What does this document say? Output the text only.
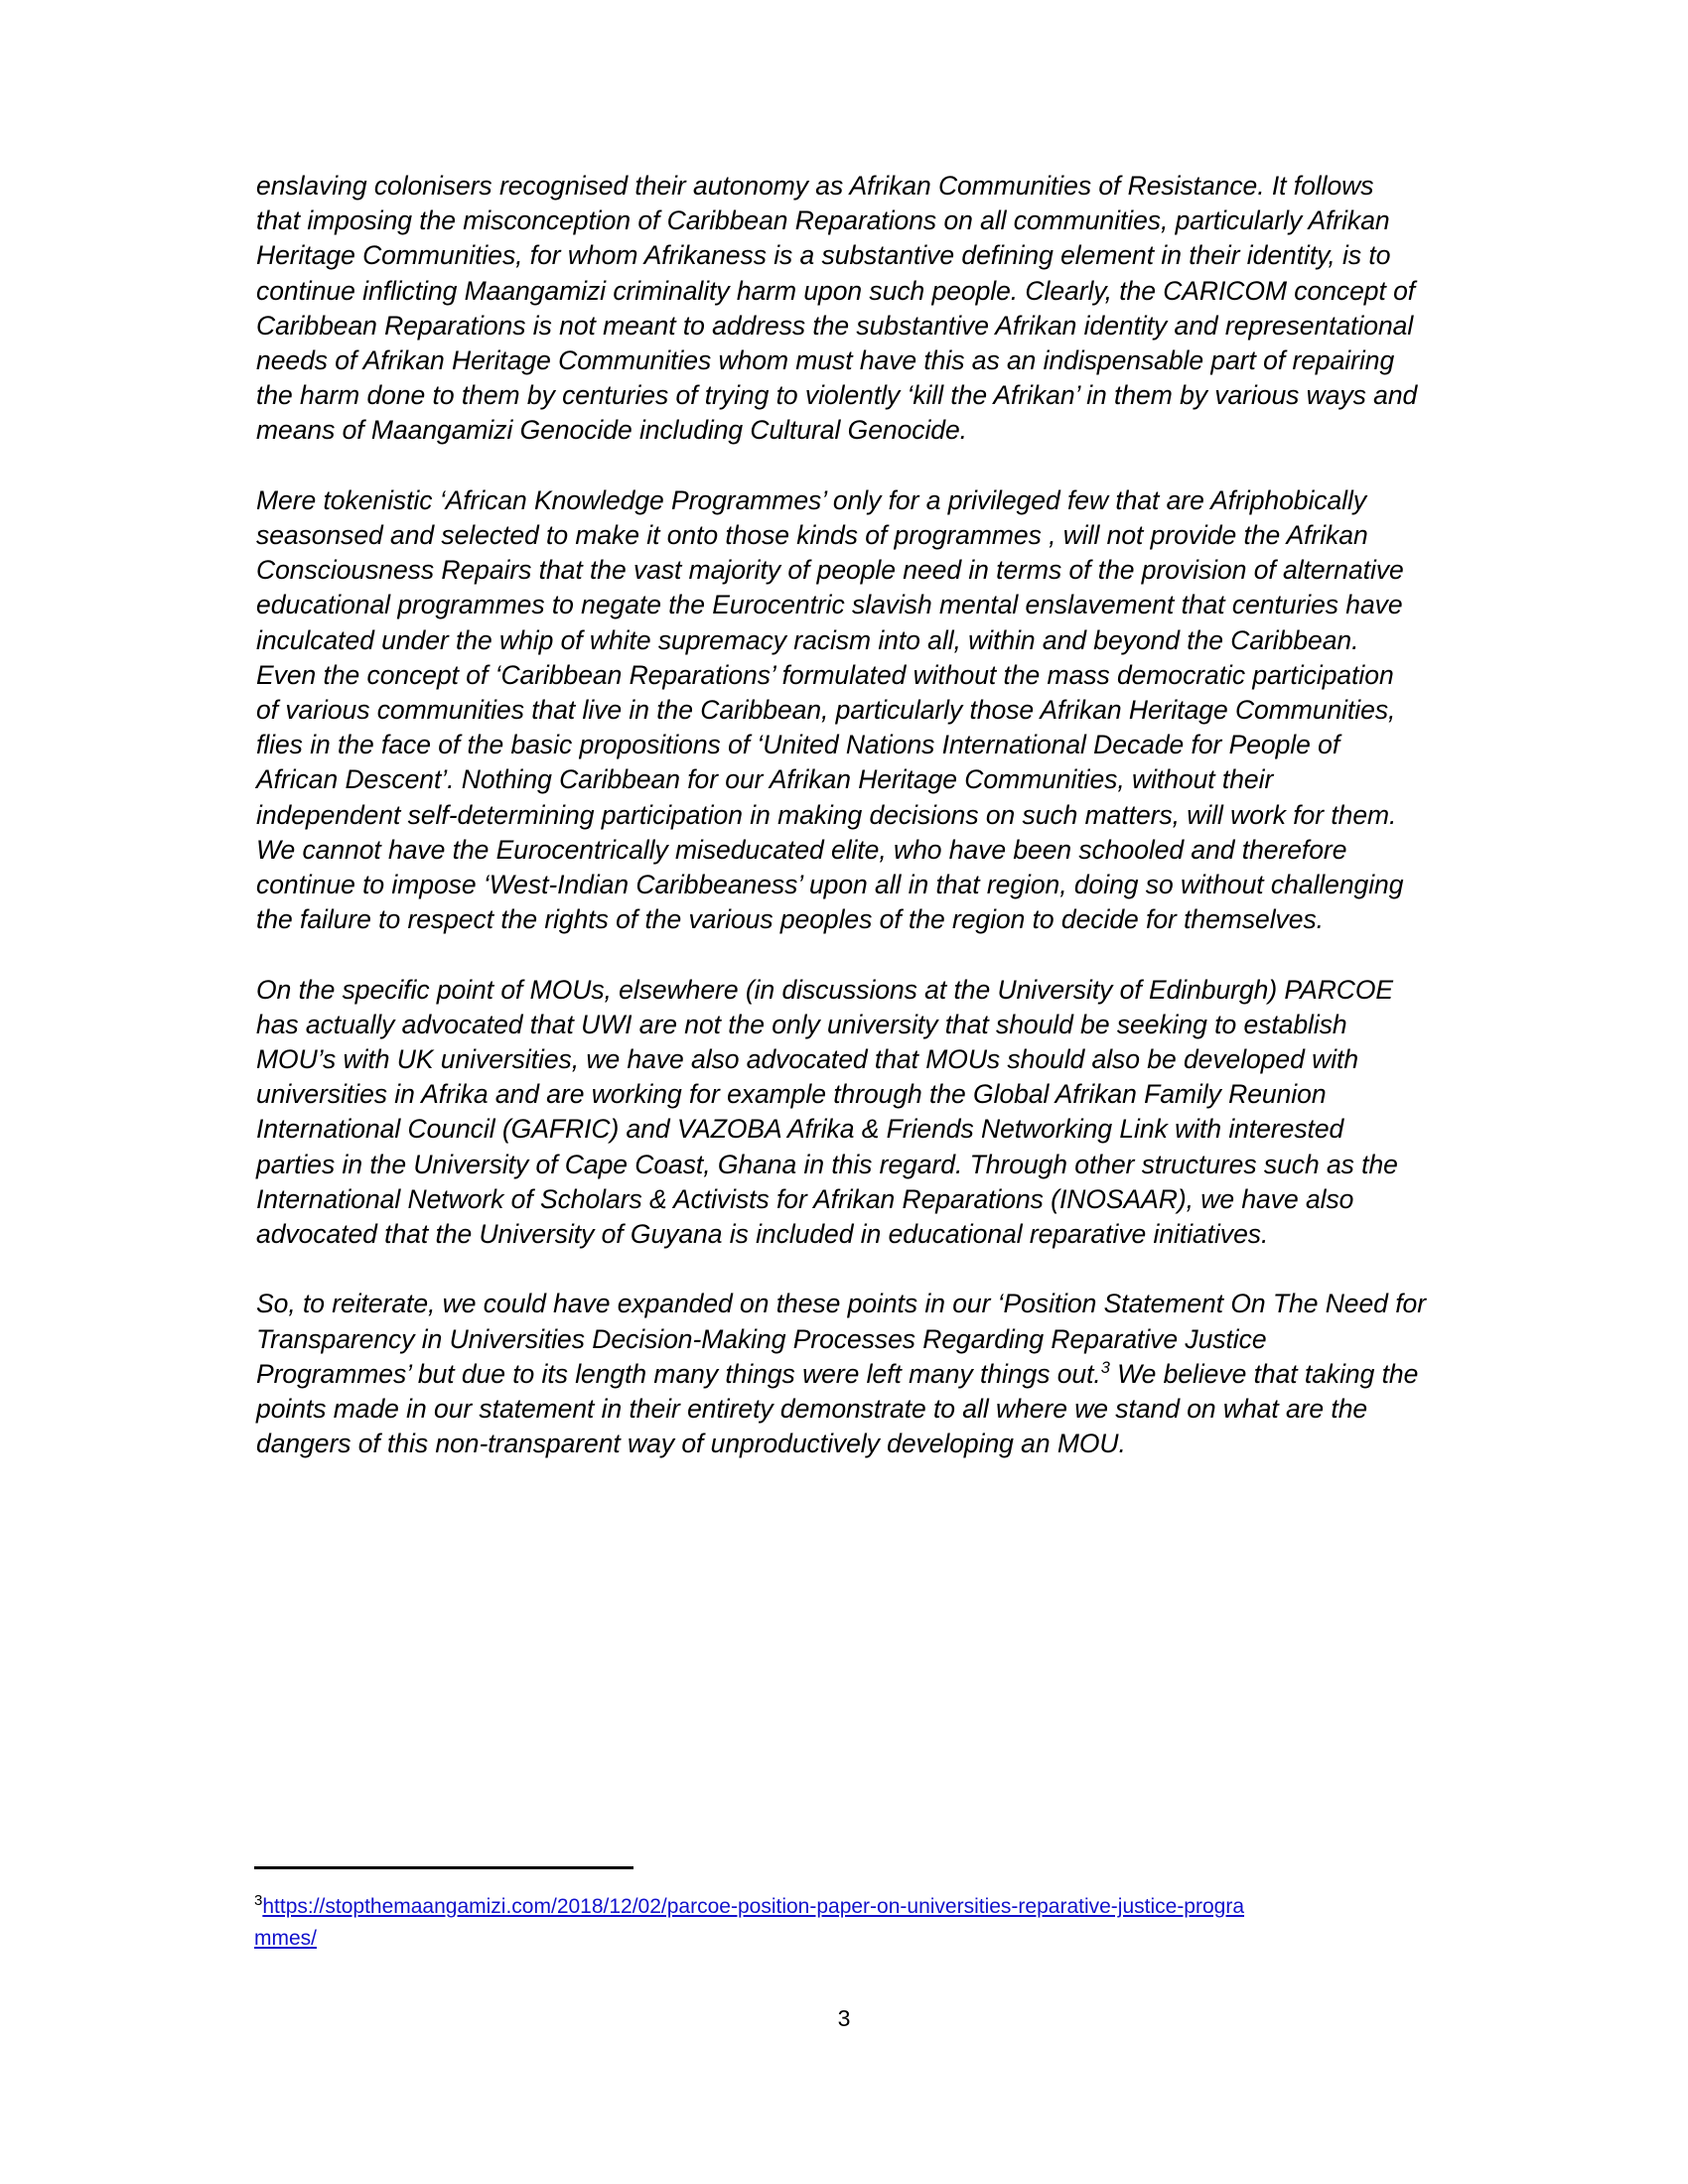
enslaving colonisers recognised their autonomy as Afrikan Communities of Resistance. It follows that imposing the misconception of Caribbean Reparations on all communities, particularly Afrikan Heritage Communities, for whom Afrikaness is a substantive defining element in their identity, is to continue inflicting Maangamizi criminality harm upon such people. Clearly, the CARICOM concept of Caribbean Reparations is not meant to address the substantive Afrikan identity and representational needs of Afrikan Heritage Communities whom must have this as an indispensable part of repairing the harm done to them by centuries of trying to violently ‘kill the Afrikan’ in them by various ways and means of Maangamizi Genocide including Cultural Genocide.

Mere tokenistic ‘African Knowledge Programmes’ only for a privileged few that are Afriphobically  seasonsed and selected to make it onto those kinds of programmes , will not provide the Afrikan Consciousness Repairs that the vast majority of people need in terms of the provision of alternative educational programmes to negate the Eurocentric slavish mental enslavement that centuries have inculcated under the whip of white supremacy racism into all, within and beyond the Caribbean. Even the concept of ‘Caribbean Reparations’ formulated without the mass democratic participation of various communities that live in the Caribbean, particularly those Afrikan Heritage Communities, flies in the face of the basic propositions of ‘United Nations International Decade for People of African Descent’. Nothing Caribbean for our Afrikan Heritage Communities, without their independent self-determining participation in making decisions on such matters, will work for them. We cannot have the Eurocentrically miseducated elite, who have been schooled and therefore continue to impose ‘West-Indian Caribbeaness’ upon all in that region, doing so without challenging the failure to respect the rights of the various peoples of the region to decide for themselves.

On the specific point of MOUs, elsewhere (in discussions at the University of Edinburgh) PARCOE has actually advocated that UWI are not the only university that should be seeking to establish MOU’s with UK universities, we have also advocated that MOUs should also be developed with universities in Afrika and are working for example through the Global Afrikan Family Reunion International Council (GAFRIC) and VAZOBA Afrika & Friends Networking Link with interested parties in the University of Cape Coast, Ghana in this regard. Through other structures such as the International Network of Scholars & Activists for Afrikan Reparations (INOSAAR), we have also advocated that the University of Guyana is included in educational reparative initiatives.

So, to reiterate, we could have expanded on these points in our ‘Position Statement On The Need for Transparency in Universities Decision-Making Processes Regarding Reparative Justice Programmes’ but due to its length many things were left many things out.$^3$ We believe that taking the points made in our statement in their entirety demonstrate to all where we stand on what are the dangers of this non-transparent way of unproductively developing an MOU.

$^3$https://stopthemaangamizi.com/2018/12/02/parcoe-position-paper-on-universities-reparative-justice-programmes/
3
